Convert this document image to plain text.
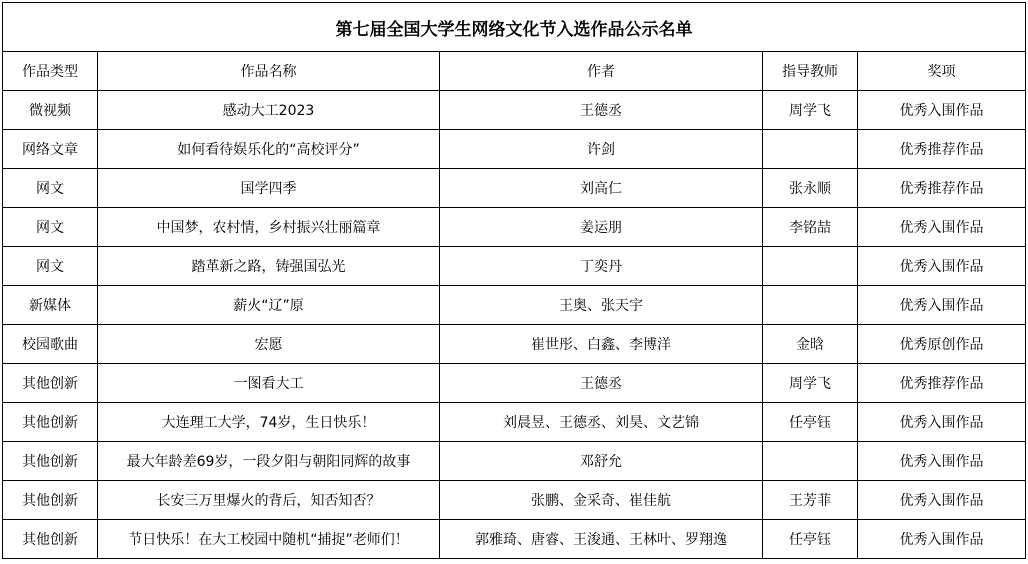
第七届全国大学生网络文化节入选作品公示名单				
作品类型	作品名称	作者	指导教师	奖项
微视频	感动大工2023	王德丞	周学飞	优秀入围作品
网络文章	如何看待娱乐化的“高校评分”	许剑		优秀推荐作品
网文	国学四季	刘高仁	张永顺	优秀推荐作品
网文	中国梦，农村情，乡村振兴壮丽篇章	姜运朋	李铭喆	优秀入围作品
网文	踏革新之路，铸强国弘光	丁奕丹		优秀入围作品
新媒体	薪火“辽”原	王奥、张天宇		优秀入围作品
校园歌曲	宏愿	崔世彤、白鑫、李博洋	金晗	优秀原创作品
其他创新	一图看大工	王德丞	周学飞	优秀推荐作品
其他创新	大连理工大学，74岁，生日快乐！	刘晨昱、王德丞、刘昊、文艺锦	任亭钰	优秀入围作品
其他创新	最大年龄差69岁，一段夕阳与朝阳同辉的故事	邓舒允		优秀入围作品
其他创新	长安三万里爆火的背后，知否知否？	张鹏、金采奇、崔佳航	王芳菲	优秀入围作品
其他创新	节日快乐！在大工校园中随机“捕捉”老师们！	郭雅琦、唐睿、王浚通、王林叶、罗翔逸	任亭钰	优秀入围作品
